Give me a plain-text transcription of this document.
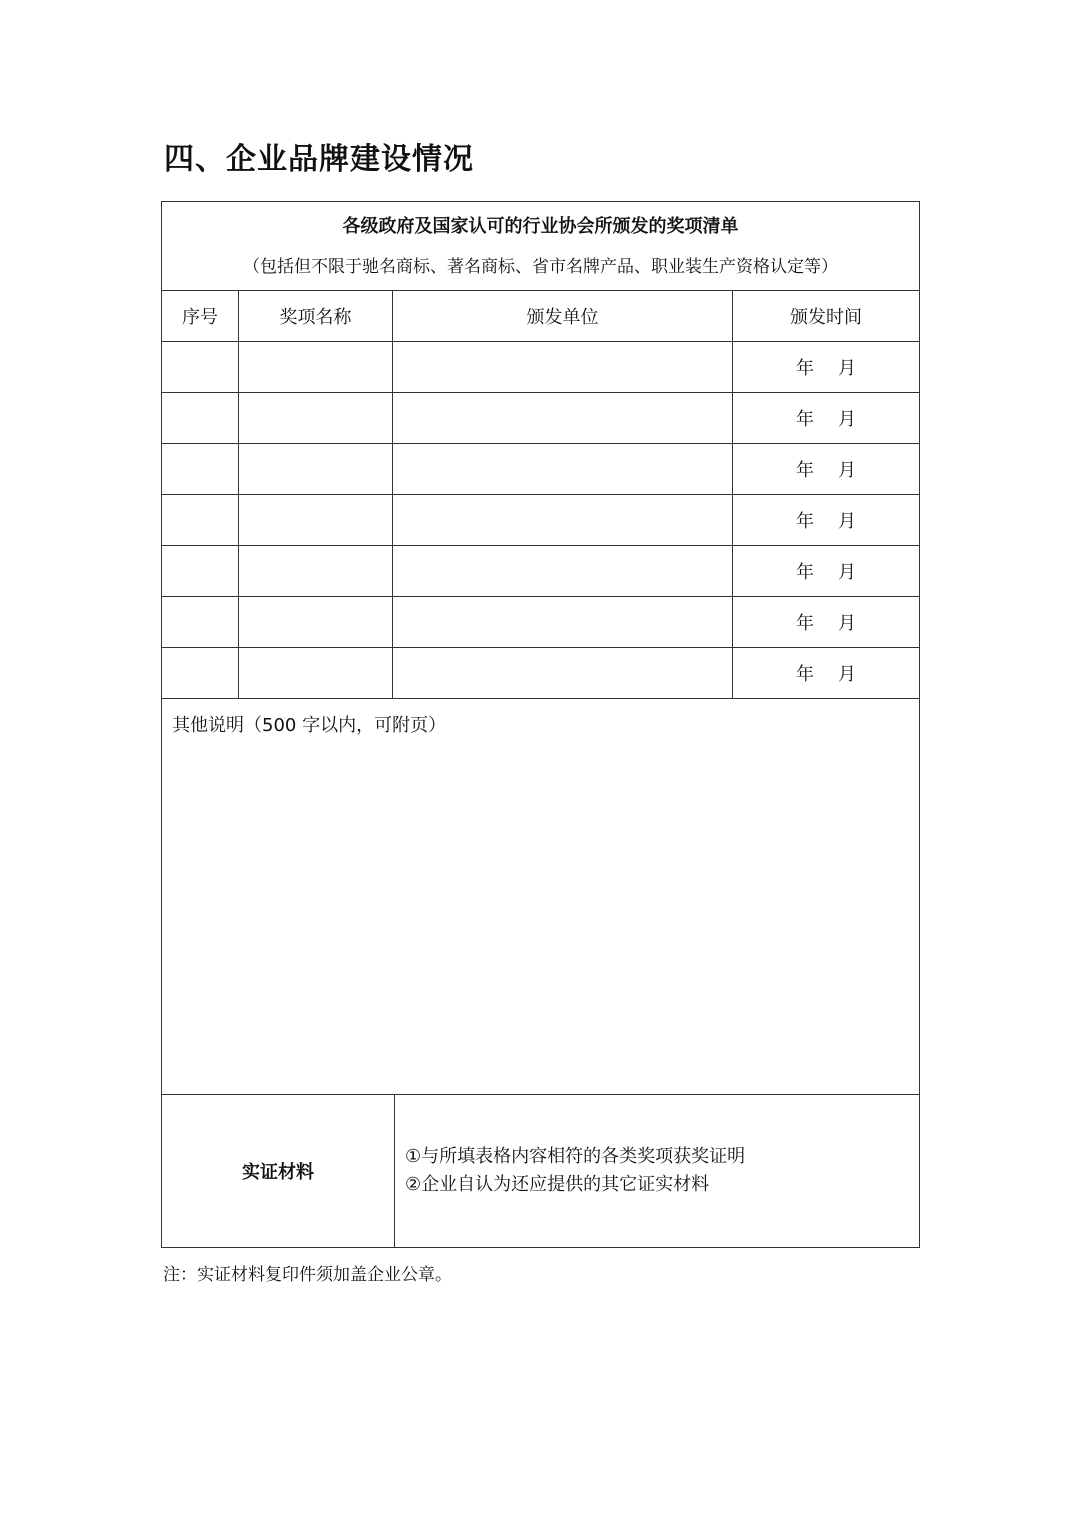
四、企业品牌建设情况
各级政府及国家认可的行业协会所颁发的奖项清单
（包括但不限于驰名商标、著名商标、省市名牌产品、职业装生产资格认定等）				

序号	奖项名称	颁发单位		颁发时间
				年 月
				年 月
				年 月
				年 月
				年 月
				年 月
				年 月
其他说明（500 字以内，可附页）				
实证材料			①与所填表格内容相符的各类奖项获奖证明
②企业自认为还应提供的其它证实材料	
注：实证材料复印件须加盖企业公章。
